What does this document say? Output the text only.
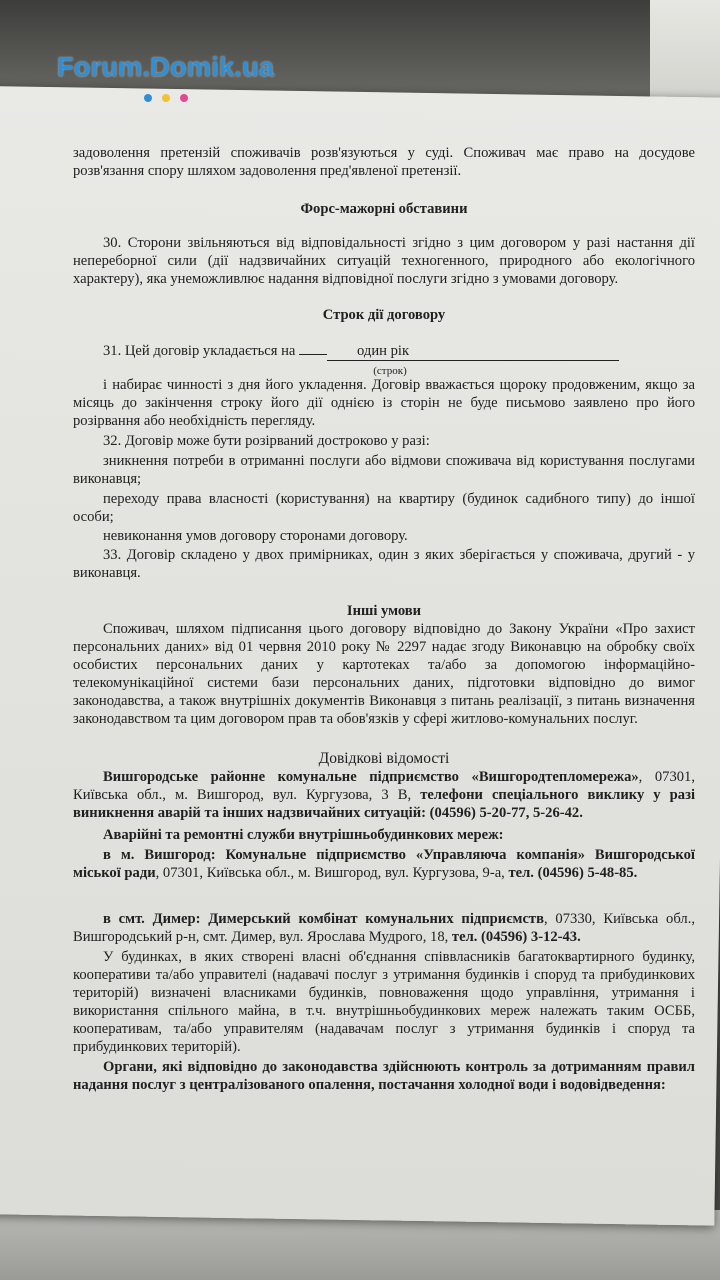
Forum.Domik.ua

задоволення претензій споживачів розв'язуються у суді. Споживач має право на досудове розв'язання спору шляхом задоволення пред'явленої претензії.

Форс-мажорні обставини

30. Сторони звільняються від відповідальності згідно з цим договором у разі настання дії непереборної сили (дії надзвичайних ситуацій техногенного, природного або екологічного характеру), яка унеможливлює надання відповідної послуги згідно з умовами договору.

Строк дії договору

31. Цей договір укладається на	один рік

(строк)

і набирає чинності з дня його укладення. Договір вважається щороку продовженим, якщо за місяць до закінчення строку його дії однією із сторін не буде письмово заявлено про його розірвання або необхідність перегляду.

32. Договір може бути розірваний достроково у разі:

зникнення потреби в отриманні послуги або відмови споживача від користування послугами виконавця;

переходу права власності (користування) на квартиру (будинок садибного типу) до іншої особи;

невиконання умов договору сторонами договору.

33. Договір складено у двох примірниках, один з яких зберігається у споживача, другий - у виконавця.

Інші умови

Споживач, шляхом підписання цього договору відповідно до Закону України «Про захист персональних даних» від 01 червня 2010 року № 2297 надає згоду Виконавцю на обробку своїх особистих персональних даних у картотеках та/або за допомогою інформаційно-телекомунікаційної системи бази персональних даних, підготовки відповідно до вимог законодавства, а також внутрішніх документів Виконавця з питань реалізації, з питань визначення законодавством та цим договором прав та обов'язків у сфері житлово-комунальних послуг.

Довідкові відомості

Вишгородське районне комунальне підприємство «Вишгородтепломережа», 07301, Київська обл., м. Вишгород, вул. Кургузова, 3 В, телефони спеціального виклику у разі виникнення аварій та інших надзвичайних ситуацій: (04596) 5-20-77, 5-26-42.

Аварійні та ремонтні служби внутрішньобудинкових мереж:

в м. Вишгород: Комунальне підприємство «Управляюча компанія» Вишгородської міської ради, 07301, Київська обл., м. Вишгород, вул. Кургузова, 9-а, тел. (04596) 5-48-85.

в смт. Димер: Димерський комбінат комунальних підприємств, 07330, Київська обл., Вишгородський р-н, смт. Димер, вул. Ярослава Мудрого, 18, тел. (04596) 3-12-43.

У будинках, в яких створені власні об'єднання співвласників багатоквартирного будинку, кооперативи та/або управителі (надавачі послуг з утримання будинків і споруд та прибудинкових територій) визначені власниками будинків, повноваження щодо управління, утримання і використання спільного майна, в т.ч. внутрішньобудинкових мереж належать таким ОСББ, кооперативам, та/або управителям (надавачам послуг з утримання будинків і споруд та прибудинкових територій).

Органи, які відповідно до законодавства здійснюють контроль за дотриманням правил надання послуг з централізованого опалення, постачання холодної води і водовідведення:
